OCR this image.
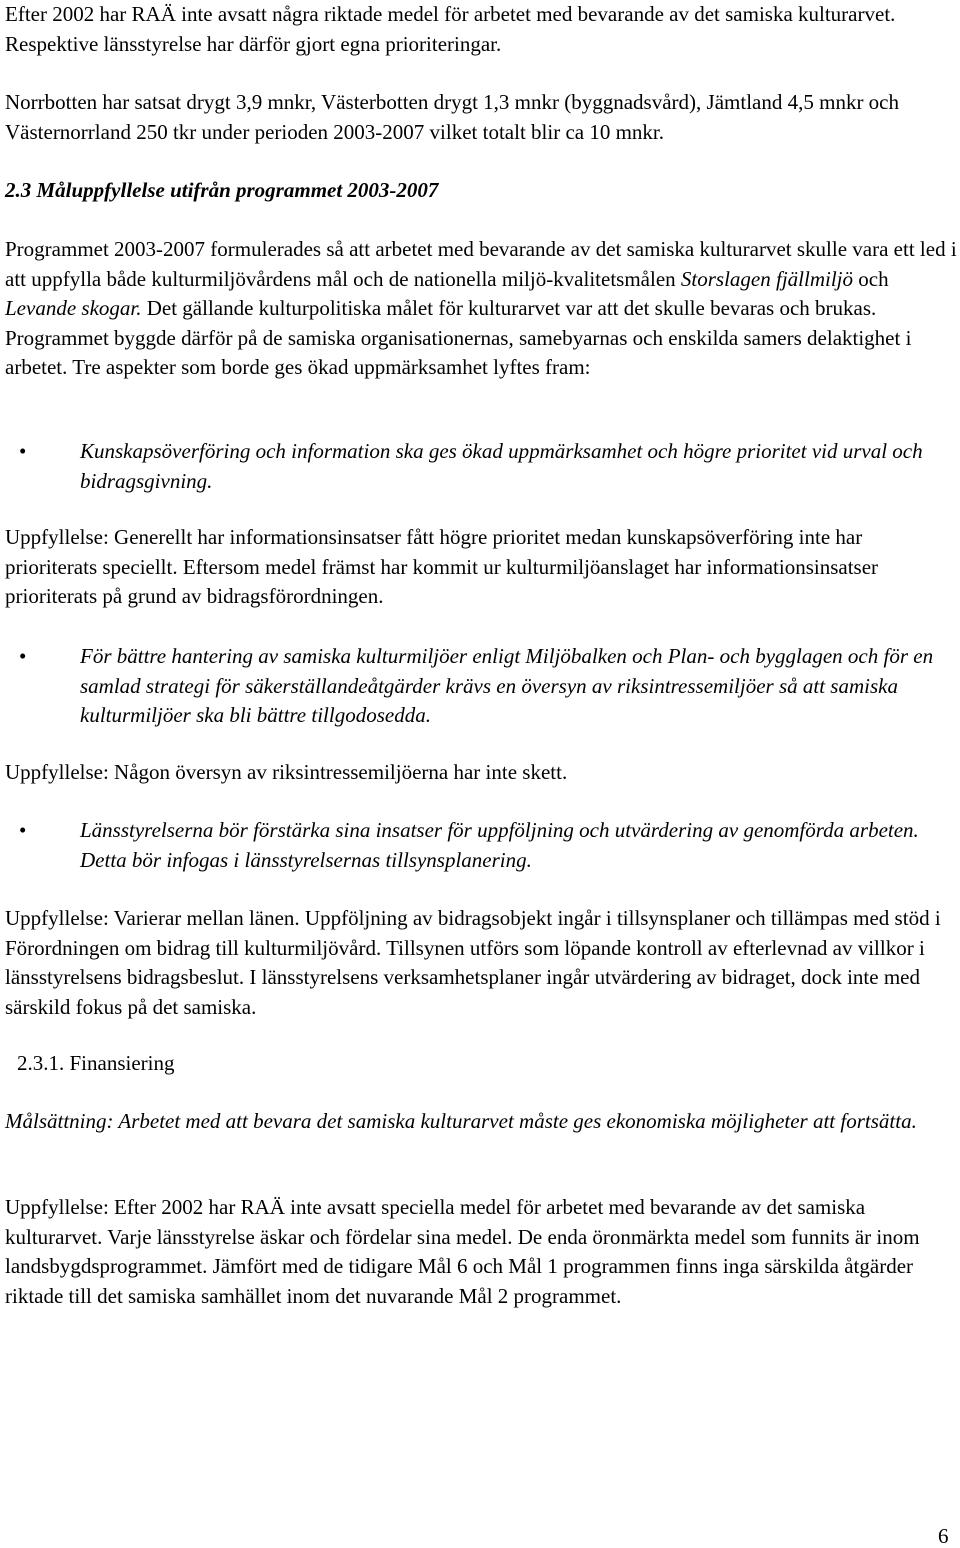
Efter 2002 har RAÄ inte avsatt några riktade medel för arbetet med bevarande av det samiska kulturarvet. Respektive länsstyrelse har därför gjort egna prioriteringar.

Norrbotten har satsat drygt 3,9 mnkr, Västerbotten drygt 1,3 mnkr (byggnadsvård), Jämtland 4,5 mnkr och Västernorrland 250 tkr under perioden 2003-2007 vilket totalt blir ca 10 mnkr.

2.3 Måluppfyllelse utifrån programmet 2003-2007

Programmet 2003-2007 formulerades så att arbetet med bevarande av det samiska kulturarvet skulle vara ett led i att uppfylla både kulturmiljövårdens mål och de nationella miljö-kvalitetsmålen Storslagen fjällmiljö och Levande skogar. Det gällande kulturpolitiska målet för kulturarvet var att det skulle bevaras och brukas. Programmet byggde därför på de samiska organisationernas, samebyarnas och enskilda samers delaktighet i arbetet. Tre aspekter som borde ges ökad uppmärksamhet lyftes fram:

•	Kunskapsöverföring och information ska ges ökad uppmärksamhet och högre prioritet vid urval och bidragsgivning.

Uppfyllelse: Generellt har informationsinsatser fått högre prioritet medan kunskapsöverföring inte har prioriterats speciellt. Eftersom medel främst har kommit ur kulturmiljöanslaget har informationsinsatser prioriterats på grund av bidragsförordningen.

•	För bättre hantering av samiska kulturmiljöer enligt Miljöbalken och Plan- och bygglagen och för en samlad strategi för säkerställandeåtgärder krävs en översyn av riksintressemiljöer så att samiska kulturmiljöer ska bli bättre tillgodosedda.

Uppfyllelse: Någon översyn av riksintressemiljöerna har inte skett.

•	Länsstyrelserna bör förstärka sina insatser för uppföljning och utvärdering av genomförda arbeten. Detta bör infogas i länsstyrelsernas tillsynsplanering.

Uppfyllelse: Varierar mellan länen. Uppföljning av bidragsobjekt ingår i tillsynsplaner och tillämpas med stöd i Förordningen om bidrag till kulturmiljövård. Tillsynen utförs som löpande kontroll av efterlevnad av villkor i länsstyrelsens bidragsbeslut. I länsstyrelsens verksamhetsplaner ingår utvärdering av bidraget, dock inte med särskild fokus på det samiska.

2.3.1. Finansiering

Målsättning: Arbetet med att bevara det samiska kulturarvet måste ges ekonomiska möjligheter att fortsätta.

Uppfyllelse: Efter 2002 har RAÄ inte avsatt speciella medel för arbetet med bevarande av det samiska kulturarvet. Varje länsstyrelse äskar och fördelar sina medel. De enda öronmärkta medel som funnits är inom landsbygdsprogrammet. Jämfört med de tidigare Mål 6 och Mål 1 programmen finns inga särskilda åtgärder riktade till det samiska samhället inom det nuvarande Mål 2 programmet.

6
